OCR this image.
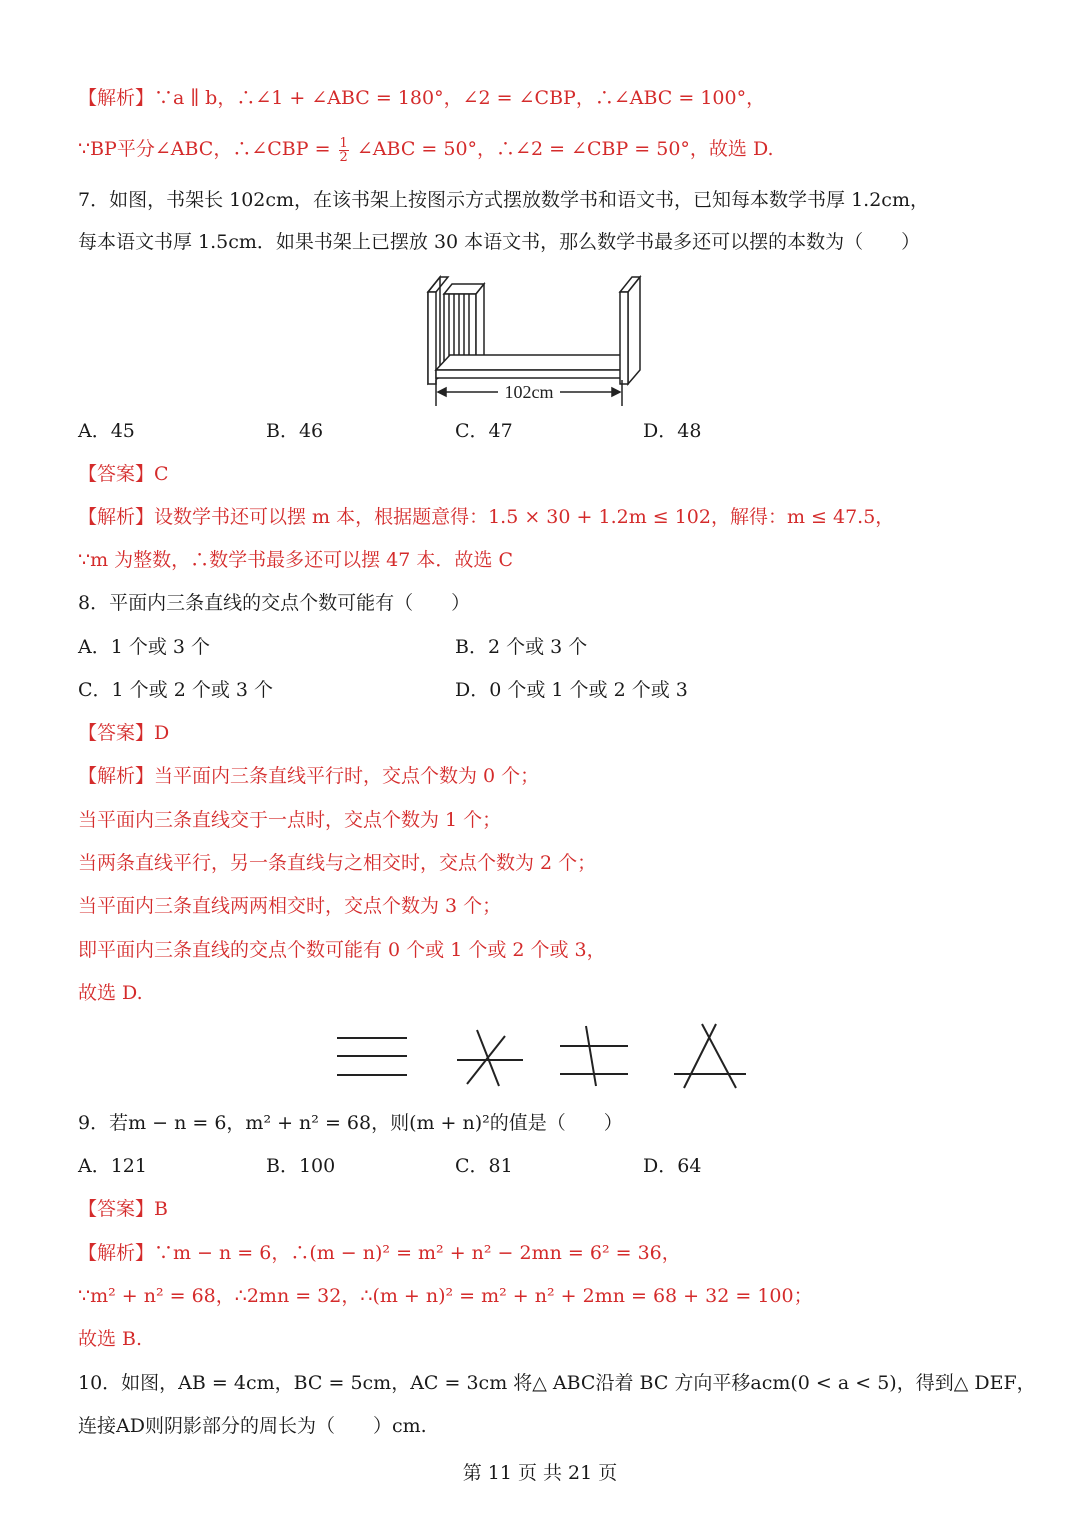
【解析】∵a ∥ b，∴∠1 + ∠ABC = 180°，∠2 = ∠CBP，∴∠ABC = 100°，
∵BP平分∠ABC，∴∠CBP = $\frac{1}{2}$ ∠ABC = 50°，∴∠2 = ∠CBP = 50°，故选 D.
7．如图，书架长 102cm，在该书架上按图示方式摆放数学书和语文书，已知每本数学书厚 1.2cm，
每本语文书厚 1.5cm．如果书架上已摆放 30 本语文书，那么数学书最多还可以摆的本数为（　　）
102cm
A．45	B．46	C．47	D．48
【答案】C
【解析】设数学书还可以摆 m 本，根据题意得：1.5 × 30 + 1.2m ≤ 102，解得：m ≤ 47.5，
∵m 为整数，∴数学书最多还可以摆 47 本．故选 C
8．平面内三条直线的交点个数可能有（　　）
A．1 个或 3 个	B．2 个或 3 个
C．1 个或 2 个或 3 个	D．0 个或 1 个或 2 个或 3
【答案】D
【解析】当平面内三条直线平行时，交点个数为 0 个；
当平面内三条直线交于一点时，交点个数为 1 个；
当两条直线平行，另一条直线与之相交时，交点个数为 2 个；
当平面内三条直线两两相交时，交点个数为 3 个；
即平面内三条直线的交点个数可能有 0 个或 1 个或 2 个或 3，
故选 D.
9．若m − n = 6，m² + n² = 68，则(m + n)²的值是（　　）
A．121	B．100	C．81	D．64
【答案】B
【解析】∵m − n = 6，∴(m − n)² = m² + n² − 2mn = 6² = 36，
∵m² + n² = 68，∴2mn = 32，∴(m + n)² = m² + n² + 2mn = 68 + 32 = 100；
故选 B.
10．如图，AB = 4cm，BC = 5cm，AC = 3cm 将△ ABC沿着 BC 方向平移acm(0 < a < 5)，得到△ DEF，
连接AD则阴影部分的周长为（　　）cm.
第 11 页 共 21 页
